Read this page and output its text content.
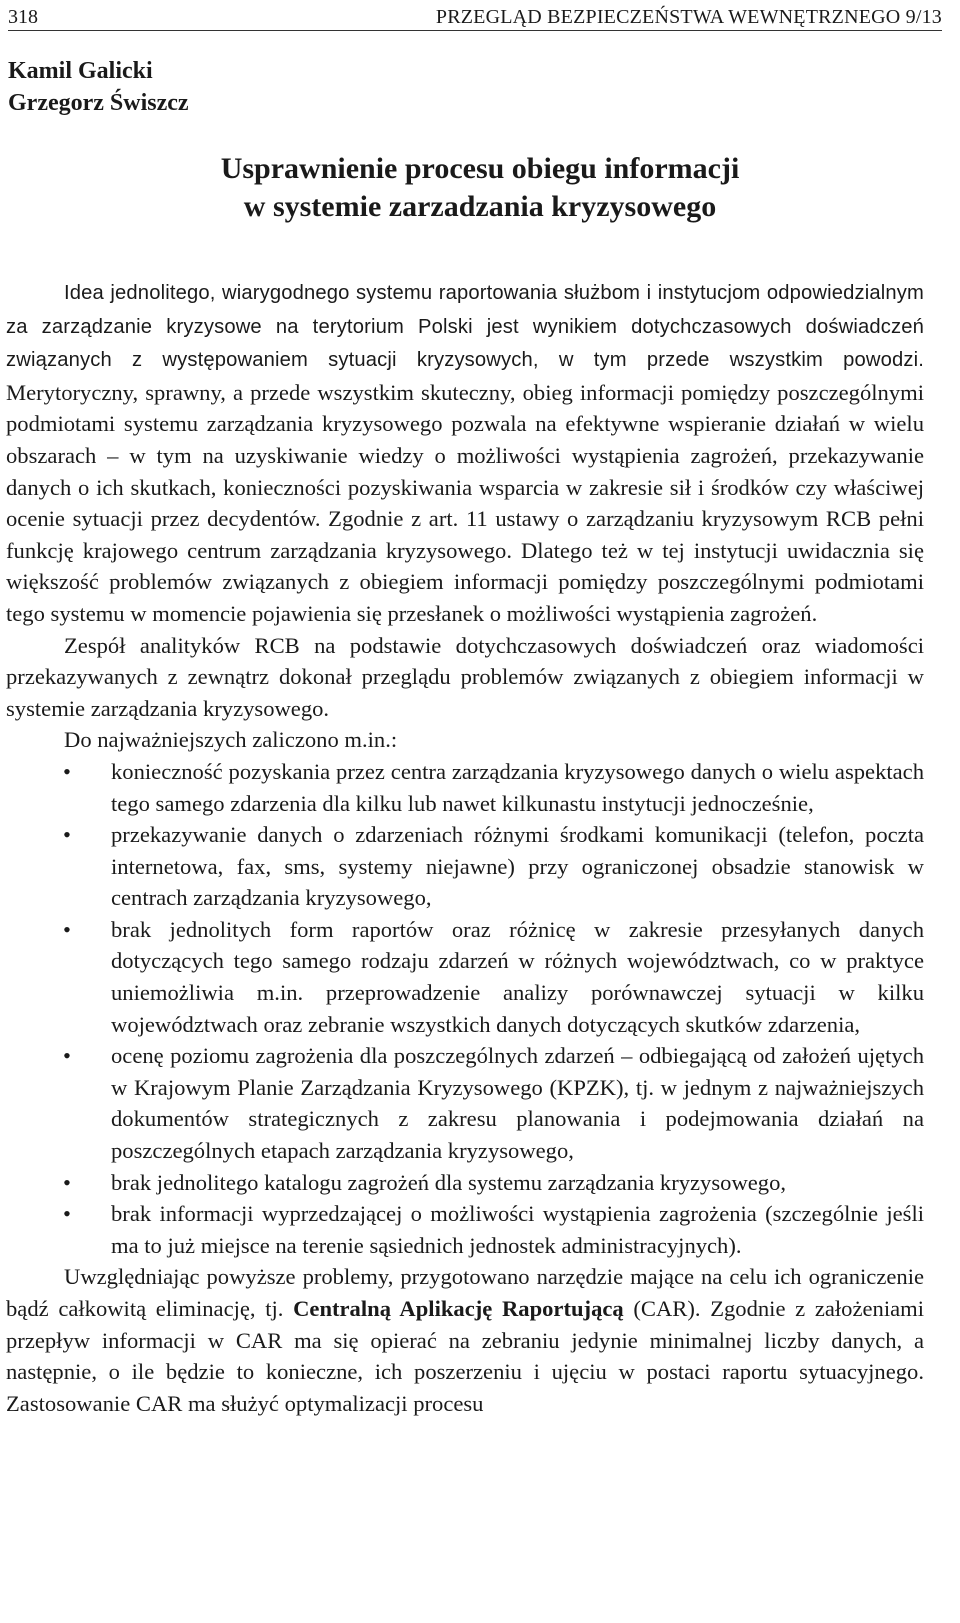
318	PRZEGLĄD BEZPIECZEŃSTWA WEWNĘTRZNEGO 9/13
Kamil Galicki
Grzegorz Świszcz
Usprawnienie procesu obiegu informacji
w systemie zarzadzania kryzysowego

Idea jednolitego, wiarygodnego systemu raportowania służbom i instytucjom odpowiedzialnym za zarządzanie kryzysowe na terytorium Polski jest wynikiem dotychczasowych doświadczeń związanych z występowaniem sytuacji kryzysowych, w tym przede wszystkim powodzi. Merytoryczny, sprawny, a przede wszystkim skuteczny, obieg informacji pomiędzy poszczególnymi podmiotami systemu zarządzania kryzysowego pozwala na efektywne wspieranie działań w wielu obszarach – w tym na uzyskiwanie wiedzy o możliwości wystąpienia zagrożeń, przekazywanie danych o ich skutkach, konieczności pozyskiwania wsparcia w zakresie sił i środków czy właściwej ocenie sytuacji przez decydentów. Zgodnie z art. 11 ustawy o zarządzaniu kryzysowym RCB pełni funkcję krajowego centrum zarządzania kryzysowego. Dlatego też w tej instytucji uwidacznia się większość problemów związanych z obiegiem informacji pomiędzy poszczególnymi podmiotami tego systemu w momencie pojawienia się przesłanek o możliwości wystąpienia zagrożeń.

Zespół analityków RCB na podstawie dotychczasowych doświadczeń oraz wiadomości przekazywanych z zewnątrz dokonał przeglądu problemów związanych z obiegiem informacji w systemie zarządzania kryzysowego.

Do najważniejszych zaliczono m.in.:

• konieczność pozyskania przez centra zarządzania kryzysowego danych o wielu aspektach tego samego zdarzenia dla kilku lub nawet kilkunastu instytucji jednocześnie,
• przekazywanie danych o zdarzeniach różnymi środkami komunikacji (telefon, poczta internetowa, fax, sms, systemy niejawne) przy ograniczonej obsadzie stanowisk w centrach zarządzania kryzysowego,
• brak jednolitych form raportów oraz różnicę w zakresie przesyłanych danych dotyczących tego samego rodzaju zdarzeń w różnych województwach, co w praktyce uniemożliwia m.in. przeprowadzenie analizy porównawczej sytuacji w kilku województwach oraz zebranie wszystkich danych dotyczących skutków zdarzenia,
• ocenę poziomu zagrożenia dla poszczególnych zdarzeń – odbiegającą od założeń ujętych w Krajowym Planie Zarządzania Kryzysowego (KPZK), tj. w jednym z najważniejszych dokumentów strategicznych z zakresu planowania i podejmowania działań na poszczególnych etapach zarządzania kryzysowego,
• brak jednolitego katalogu zagrożeń dla systemu zarządzania kryzysowego,
• brak informacji wyprzedzającej o możliwości wystąpienia zagrożenia (szczególnie jeśli ma to już miejsce na terenie sąsiednich jednostek administracyjnych).

Uwzględniając powyższe problemy, przygotowano narzędzie mające na celu ich ograniczenie bądź całkowitą eliminację, tj. Centralną Aplikację Raportującą (CAR). Zgodnie z założeniami przepływ informacji w CAR ma się opierać na zebraniu jedynie minimalnej liczby danych, a następnie, o ile będzie to konieczne, ich poszerzeniu i ujęciu w postaci raportu sytuacyjnego. Zastosowanie CAR ma służyć optymalizacji procesu
